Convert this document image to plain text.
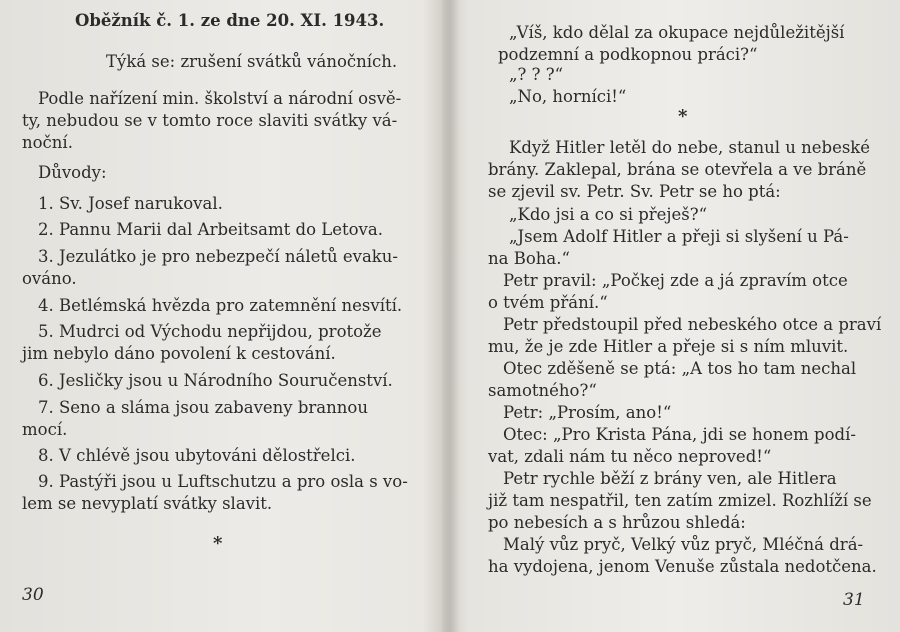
Oběžník č. 1. ze dne 20. XI. 1943.
Týká se: zrušení svátků vánočních.
Podle nařízení min. školství a národní osvě-
ty, nebudou se v tomto roce slaviti svátky vá-
noční.
Důvody:
1. Sv. Josef narukoval.
2. Pannu Marii dal Arbeitsamt do Letova.
3. Jezulátko je pro nebezpečí náletů evaku-
ováno.
4. Betlémská hvězda pro zatemnění nesvítí.
5. Mudrci od Východu nepřijdou, protože
jim nebylo dáno povolení k cestování.
6. Jesličky jsou u Národního Souručenství.
7. Seno a sláma jsou zabaveny brannou
mocí.
8. V chlévě jsou ubytováni dělostřelci.
9. Pastýři jsou u Luftschutzu a pro osla s vo-
lem se nevyplatí svátky slavit.
*
30
„Víš, kdo dělal za okupace nejdůležitější
podzemní a podkopnou práci?“
„? ? ?“
„No, horníci!“
*
Když Hitler letěl do nebe, stanul u nebeské
brány. Zaklepal, brána se otevřela a ve bráně
se zjevil sv. Petr. Sv. Petr se ho ptá:
„Kdo jsi a co si přeješ?“
„Jsem Adolf Hitler a přeji si slyšení u Pá-
na Boha.“
Petr pravil: „Počkej zde a já zpravím otce
o tvém přání.“
Petr předstoupil před nebeského otce a praví
mu, že je zde Hitler a přeje si s ním mluvit.
Otec zděšeně se ptá: „A tos ho tam nechal
samotného?“
Petr: „Prosím, ano!“
Otec: „Pro Krista Pána, jdi se honem podí-
vat, zdali nám tu něco neproved!“
Petr rychle běží z brány ven, ale Hitlera
již tam nespatřil, ten zatím zmizel. Rozhlíží se
po nebesích a s hrůzou shledá:
Malý vůz pryč, Velký vůz pryč, Mléčná drá-
ha vydojena, jenom Venuše zůstala nedotčena.
31
